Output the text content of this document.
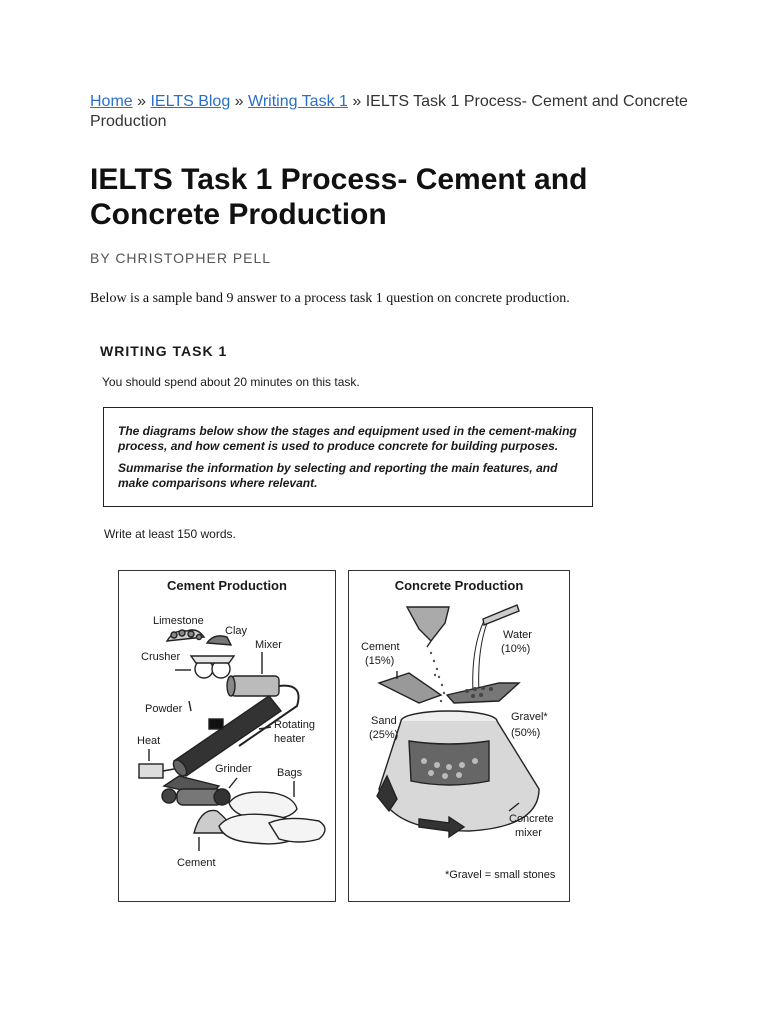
Home » IELTS Blog » Writing Task 1 » IELTS Task 1 Process- Cement and Concrete Production
IELTS Task 1 Process- Cement and Concrete Production
BY CHRISTOPHER PELL
Below is a sample band 9 answer to a process task 1 question on concrete production.
WRITING TASK 1
You should spend about 20 minutes on this task.
The diagrams below show the stages and equipment used in the cement-making process, and how cement is used to produce concrete for building purposes.
Summarise the information by selecting and reporting the main features, and make comparisons where relevant.
Write at least 150 words.
Cement Production
Limestone
Clay
Crusher
Mixer
Powder
Rotating
heater
Heat
Grinder Bags
Cement
Concrete Production
Cement
(15%)
Water
(10%)
Sand
(25%)
Gravel*
(50%)
Concrete
mixer
*Gravel = small stones
